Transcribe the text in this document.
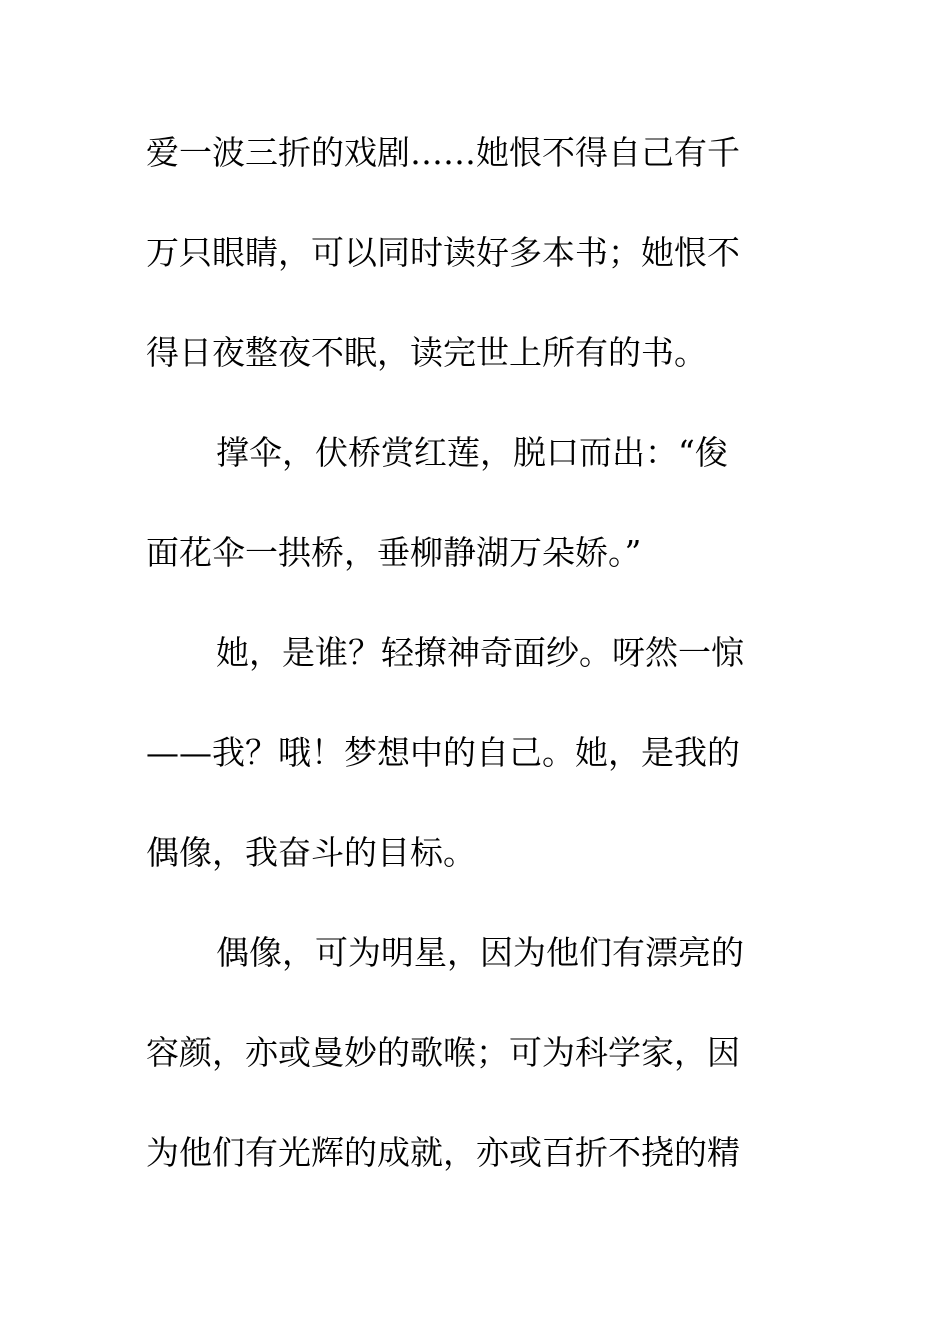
爱一波三折的戏剧……她恨不得自己有千
万只眼睛，可以同时读好多本书；她恨不
得日夜整夜不眠，读完世上所有的书。
撑伞，伏桥赏红莲，脱口而出：“俊
面花伞一拱桥，垂柳静湖万朵娇。”
她，是谁？轻撩神奇面纱。呀然一惊
——我？哦！梦想中的自己。她，是我的
偶像，我奋斗的目标。
偶像，可为明星，因为他们有漂亮的
容颜，亦或曼妙的歌喉；可为科学家，因
为他们有光辉的成就，亦或百折不挠的精
